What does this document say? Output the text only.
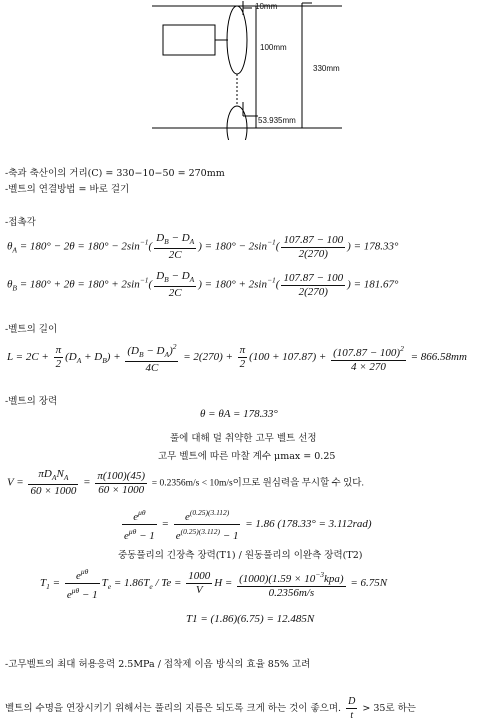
10mm
100mm
330mm
53.935mm
-축과 축산이의 거리(C) = 330−10−50 = 270mm
-벨트의 연결방법 = 바로 걸기
-접촉각
$\theta_A = 180^\circ - 2\theta = 180^\circ - 2\sin^{-1}( \frac{D_B - D_A}{2C}$ ) = $180^\circ - 2\sin^{-1}( \frac{107.87 - 100}{2(270)}$ ) = 178.33°
$\theta_B = 180^\circ + 2\theta = 180^\circ + 2\sin^{-1}( \frac{D_B - D_A}{2C}$ ) = $180^\circ + 2\sin^{-1}( \frac{107.87 - 100}{2(270)}$ ) = 181.67°
-벨트의 길이
$L = 2C + \frac{\pi}{2} (D_A + D_B) + \frac{(D_B - D_A)^2}{4C} = 2(270) + \frac{\pi}{2} (100 + 107.87) + \frac{(107.87 - 100)^2}{4 \times 270} = 866.58mm$
-벨트의 장력
θ = θA = 178.33°
풀에 대해 덜 취약한 고무 벨트 선정
고무 벨트에 따른 마찰 계수 μmax = 0.25
$V = \frac{\pi D_AN_A}{60 \times 1000} = \frac{\pi(100)(45)}{60 \times 1000} = 0.2356m/s < 10m/s$이므로 원심력을 무시할 수 있다.
$\frac{e^{\mu\theta}}{e^{\mu\theta} - 1} = \frac{e^{(0.25)(3.112)}}{e^{(0.25)(3.112)} - 1} = 1.86$ (178.33° = 3.112rad)
중동풀리의 긴장측 장력(T1) / 원동풀리의 이완측 장력(T2)
$T_1 = \frac{e^{\mu\theta}}{e^{\mu\theta} - 1} T_e = 1.86T_e / Te = \frac{1000}{V}$ $H = \frac{(1000)(1.59 \times 10^{-3}kpa)}{0.2356m/s} = 6.75N$
T1 = (1.86)(6.75) = 12.485N
-고무벨트의 최대 허용응력 2.5MPa / 접착제 이음 방식의 효율 85% 고려
벨트의 수명을 연장시키기 위해서는 풀리의 지름은 되도록 크게 하는 것이 좋으며. $\frac{D}{t} > 35$로 하는
